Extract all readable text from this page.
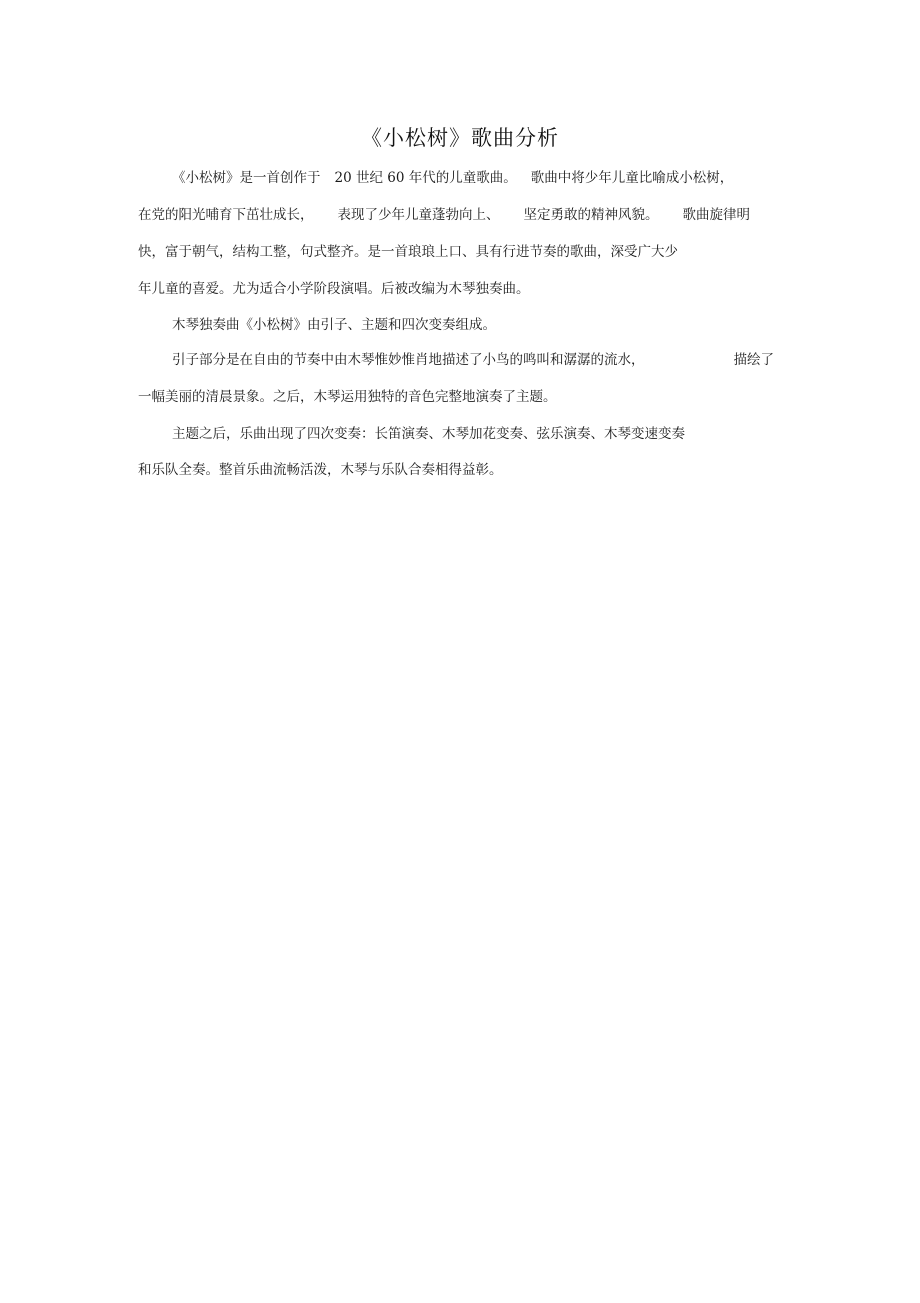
《小松树》歌曲分析
《小松树》是一首创作于 20 世纪 60 年代的儿童歌曲。 歌曲中将少年儿童比喻成小松树，
在党的阳光哺育下茁壮成长， 表现了少年儿童蓬勃向上、 坚定勇敢的精神风貌。 歌曲旋律明
快，富于朝气，结构工整，句式整齐。是一首琅琅上口、具有行进节奏的歌曲，深受广大少
年儿童的喜爱。尤为适合小学阶段演唱。后被改编为木琴独奏曲。
木琴独奏曲《小松树》由引子、主题和四次变奏组成。
引子部分是在自由的节奏中由木琴惟妙惟肖地描述了小鸟的鸣叫和潺潺的流水，	描绘了
一幅美丽的清晨景象。之后，木琴运用独特的音色完整地演奏了主题。
主题之后，乐曲出现了四次变奏：长笛演奏、木琴加花变奏、弦乐演奏、木琴变速变奏
和乐队全奏。整首乐曲流畅活泼，木琴与乐队合奏相得益彰。
